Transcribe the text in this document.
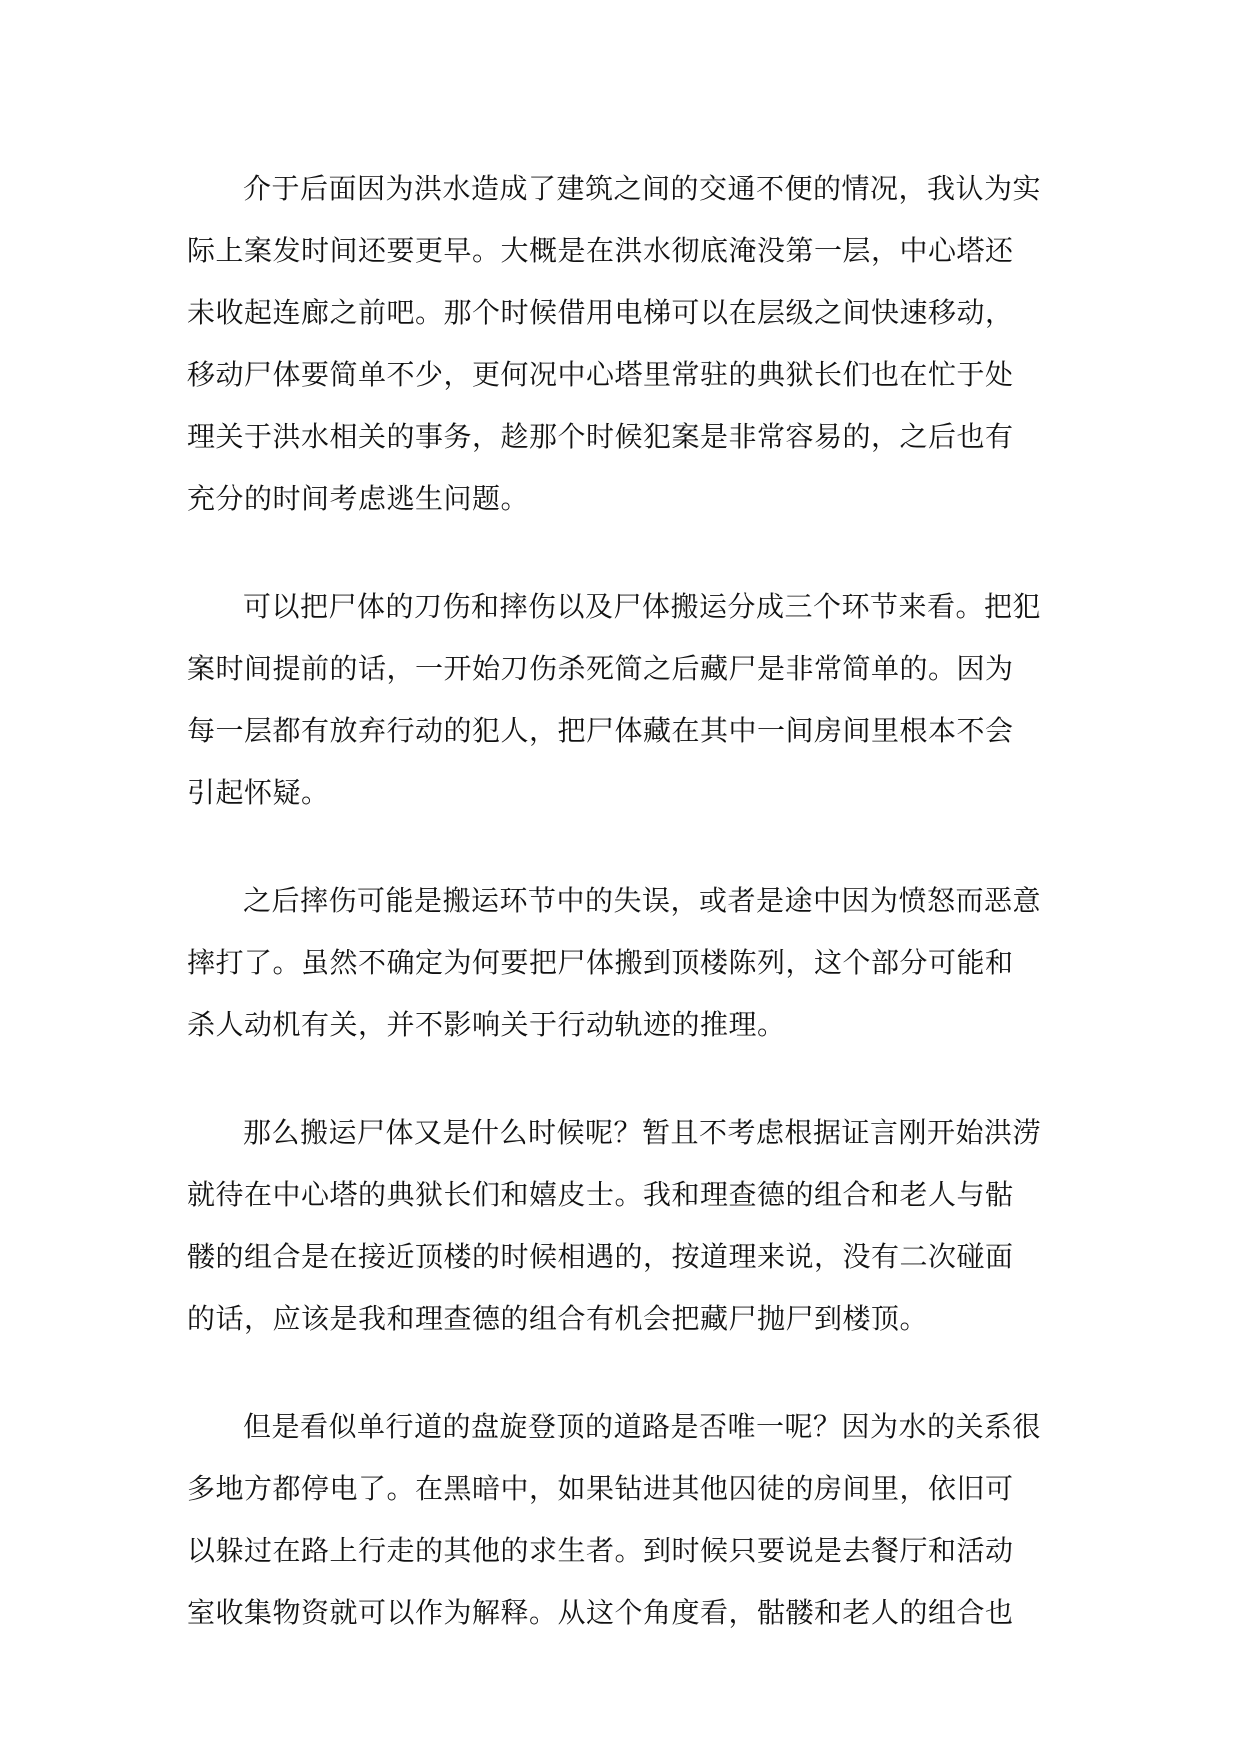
介于后面因为洪水造成了建筑之间的交通不便的情况，我认为实
际上案发时间还要更早。大概是在洪水彻底淹没第一层，中心塔还
未收起连廊之前吧。那个时候借用电梯可以在层级之间快速移动，
移动尸体要简单不少，更何况中心塔里常驻的典狱长们也在忙于处
理关于洪水相关的事务，趁那个时候犯案是非常容易的，之后也有
充分的时间考虑逃生问题。

可以把尸体的刀伤和摔伤以及尸体搬运分成三个环节来看。把犯
案时间提前的话，一开始刀伤杀死简之后藏尸是非常简单的。因为
每一层都有放弃行动的犯人，把尸体藏在其中一间房间里根本不会
引起怀疑。

之后摔伤可能是搬运环节中的失误，或者是途中因为愤怒而恶意
摔打了。虽然不确定为何要把尸体搬到顶楼陈列，这个部分可能和
杀人动机有关，并不影响关于行动轨迹的推理。

那么搬运尸体又是什么时候呢？暂且不考虑根据证言刚开始洪涝
就待在中心塔的典狱长们和嬉皮士。我和理查德的组合和老人与骷
髅的组合是在接近顶楼的时候相遇的，按道理来说，没有二次碰面
的话，应该是我和理查德的组合有机会把藏尸抛尸到楼顶。

但是看似单行道的盘旋登顶的道路是否唯一呢？因为水的关系很
多地方都停电了。在黑暗中，如果钻进其他囚徒的房间里，依旧可
以躲过在路上行走的其他的求生者。到时候只要说是去餐厅和活动
室收集物资就可以作为解释。从这个角度看，骷髅和老人的组合也
